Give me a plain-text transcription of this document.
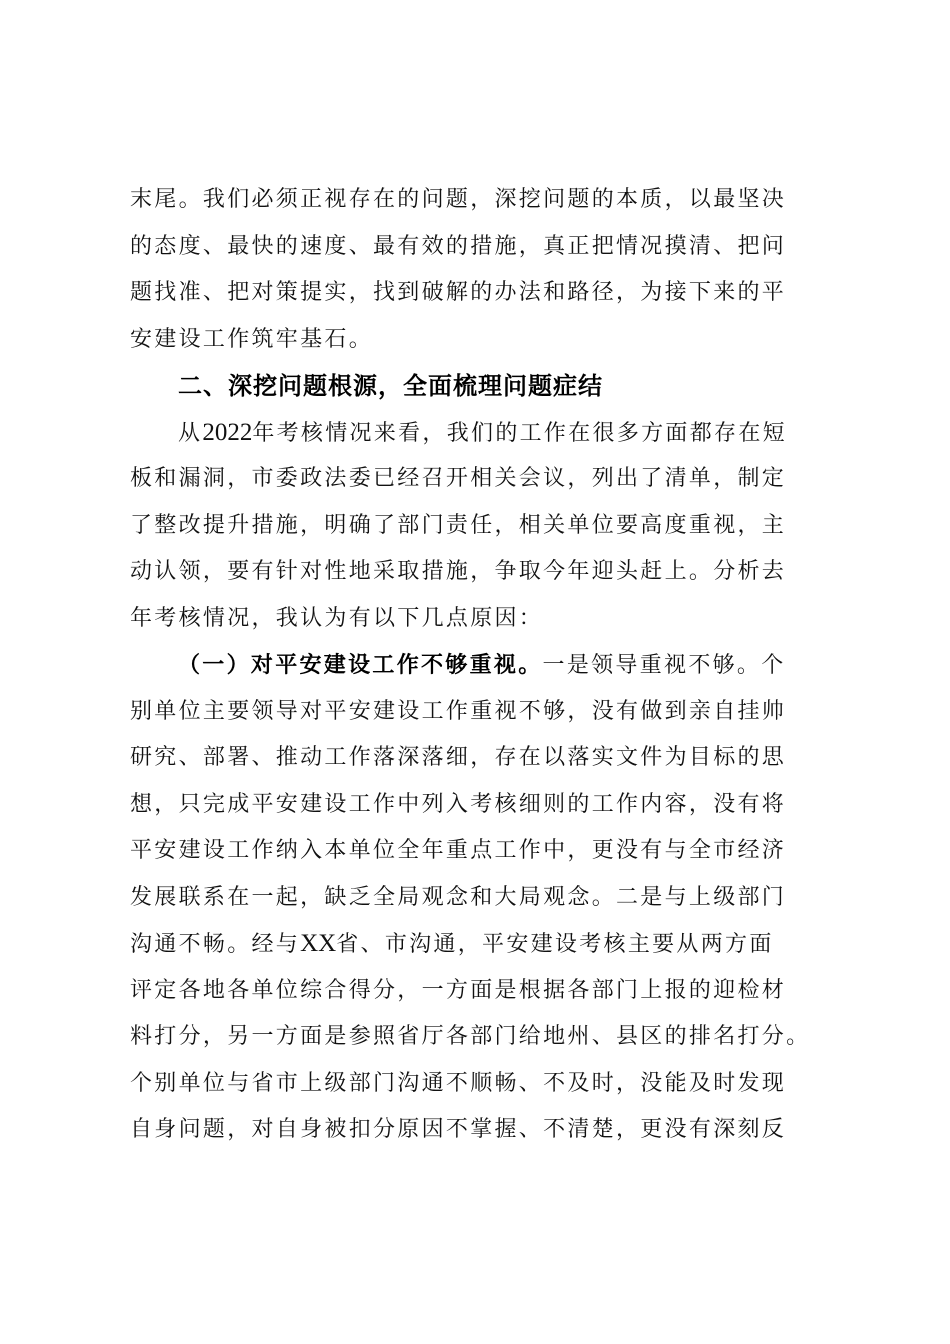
末尾。我们必须正视存在的问题，深挖问题的本质，以最坚决
的态度、最快的速度、最有效的措施，真正把情况摸清、把问
题找准、把对策提实，找到破解的办法和路径，为接下来的平
安建设工作筑牢基石。
二、深挖问题根源，全面梳理问题症结
从2022年考核情况来看，我们的工作在很多方面都存在短
板和漏洞，市委政法委已经召开相关会议，列出了清单，制定
了整改提升措施，明确了部门责任，相关单位要高度重视，主
动认领，要有针对性地采取措施，争取今年迎头赶上。分析去
年考核情况，我认为有以下几点原因：
（一）对平安建设工作不够重视。一是领导重视不够。个
别单位主要领导对平安建设工作重视不够，没有做到亲自挂帅
研究、部署、推动工作落深落细，存在以落实文件为目标的思
想，只完成平安建设工作中列入考核细则的工作内容，没有将
平安建设工作纳入本单位全年重点工作中，更没有与全市经济
发展联系在一起，缺乏全局观念和大局观念。二是与上级部门
沟通不畅。经与XX省、市沟通，平安建设考核主要从两方面
评定各地各单位综合得分，一方面是根据各部门上报的迎检材
料打分，另一方面是参照省厅各部门给地州、县区的排名打分。
个别单位与省市上级部门沟通不顺畅、不及时，没能及时发现
自身问题，对自身被扣分原因不掌握、不清楚，更没有深刻反
